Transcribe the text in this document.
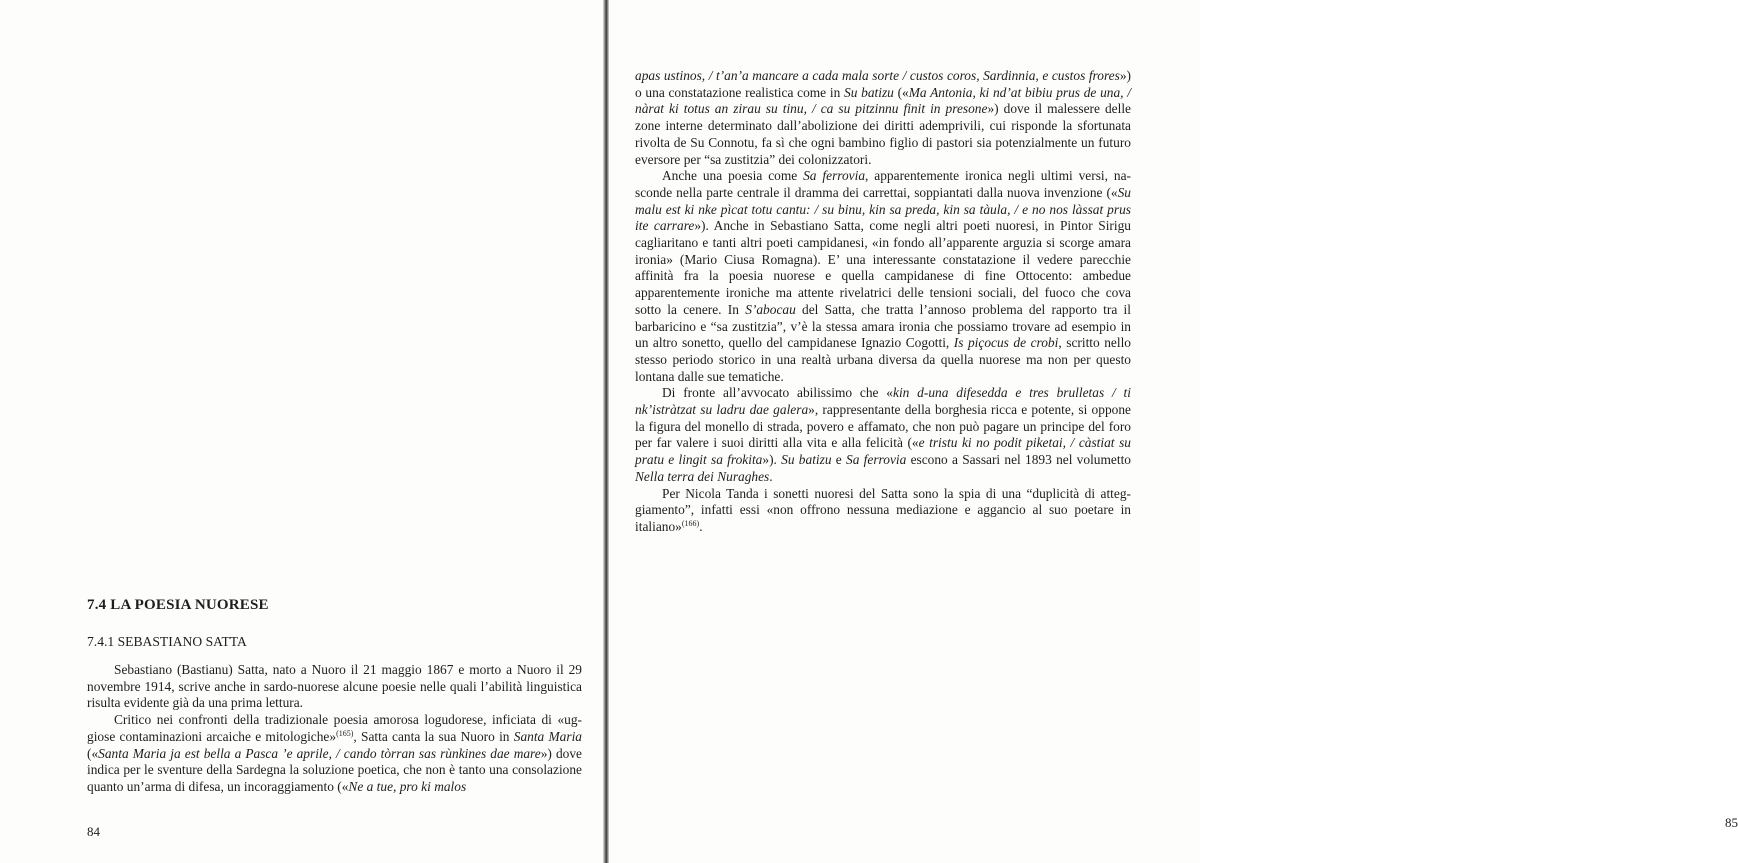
7.4 LA POESIA NUORESE
7.4.1 SEBASTIANO SATTA

Sebastiano (Bastianu) Satta, nato a Nuoro il 21 maggio 1867 e morto a Nuoro il 29 novembre 1914, scrive anche in sardo-nuorese alcune poesie nelle quali l’abilità linguistica risulta evidente già da una prima lettura.

Critico nei confronti della tradizionale poesia amorosa logudorese, inficiata di «uggiose contaminazioni arcaiche e mitologiche»$^{(165)}$, Satta canta la sua Nuoro in Santa Maria («Santa Maria ja est bella a Pasca ’e aprile, / cando tòrran sas rùnkines dae mare») dove indica per le sventure della Sardegna la soluzione poetica, che non è tanto una consolazione quanto un’arma di difesa, un incoraggiamento («Ne a tue, pro ki malos

84

apas ustinos, / t’an’a mancare a cada mala sorte / custos coros, Sardinnia, e custos frores») o una constatazione realistica come in Su batizu («Ma Antonia, ki nd’at bibiu prus de una, / nàrat ki totus an zirau su tinu, / ca su pitzinnu finit in presone») dove il malessere delle zone interne determinato dall’abolizione dei diritti ademprivili, cui risponde la sfortunata rivolta de Su Connotu, fa sì che ogni bambino figlio di pastori sia potenzialmente un futuro eversore per “sa zustitzia” dei colonizzatori.

Anche una poesia come Sa ferrovia, apparentemente ironica negli ultimi versi, nasconde nella parte centrale il dramma dei carrettai, soppiantati dalla nuova invenzione («Su malu est ki nke pìcat totu cantu: / su binu, kin sa preda, kin sa tàula, / e no nos làssat prus ite carrare»). Anche in Sebastiano Satta, come negli altri poeti nuoresi, in Pintor Sirigu cagliaritano e tanti altri poeti campidanesi, «in fondo all’apparente arguzia si scorge amara ironia» (Mario Ciusa Romagna). E’ una interessante constatazione il vedere parecchie affinità fra la poesia nuorese e quella campidanese di fine Ottocento: ambedue apparentemente ironiche ma attente rivelatrici delle tensioni sociali, del fuoco che cova sotto la cenere. In S’abocau del Satta, che tratta l’annoso problema del rapporto tra il barbaricino e “sa zustitzia”, v’è la stessa amara ironia che possiamo trovare ad esempio in un altro sonetto, quello del campidanese Ignazio Cogotti, Is piçocus de crobi, scritto nello stesso periodo storico in una realtà urbana diversa da quella nuorese ma non per questo lontana dalle sue tematiche.

Di fronte all’avvocato abilissimo che «kin d-una difesedda e tres brulletas / ti nk’istràtzat su ladru dae galera», rappresentante della borghesia ricca e potente, si oppone la figura del monello di strada, povero e affamato, che non può pagare un principe del foro per far valere i suoi diritti alla vita e alla felicità («e tristu ki no podit piketai, / càstiat su pratu e lingit sa frokita»). Su batizu e Sa ferrovia escono a Sassari nel 1893 nel volumetto Nella terra dei Nuraghes.

Per Nicola Tanda i sonetti nuoresi del Satta sono la spia di una “duplicità di atteggiamento”, infatti essi «non offrono nessuna mediazione e aggancio al suo poetare in italiano»$^{(166)}$.

85
